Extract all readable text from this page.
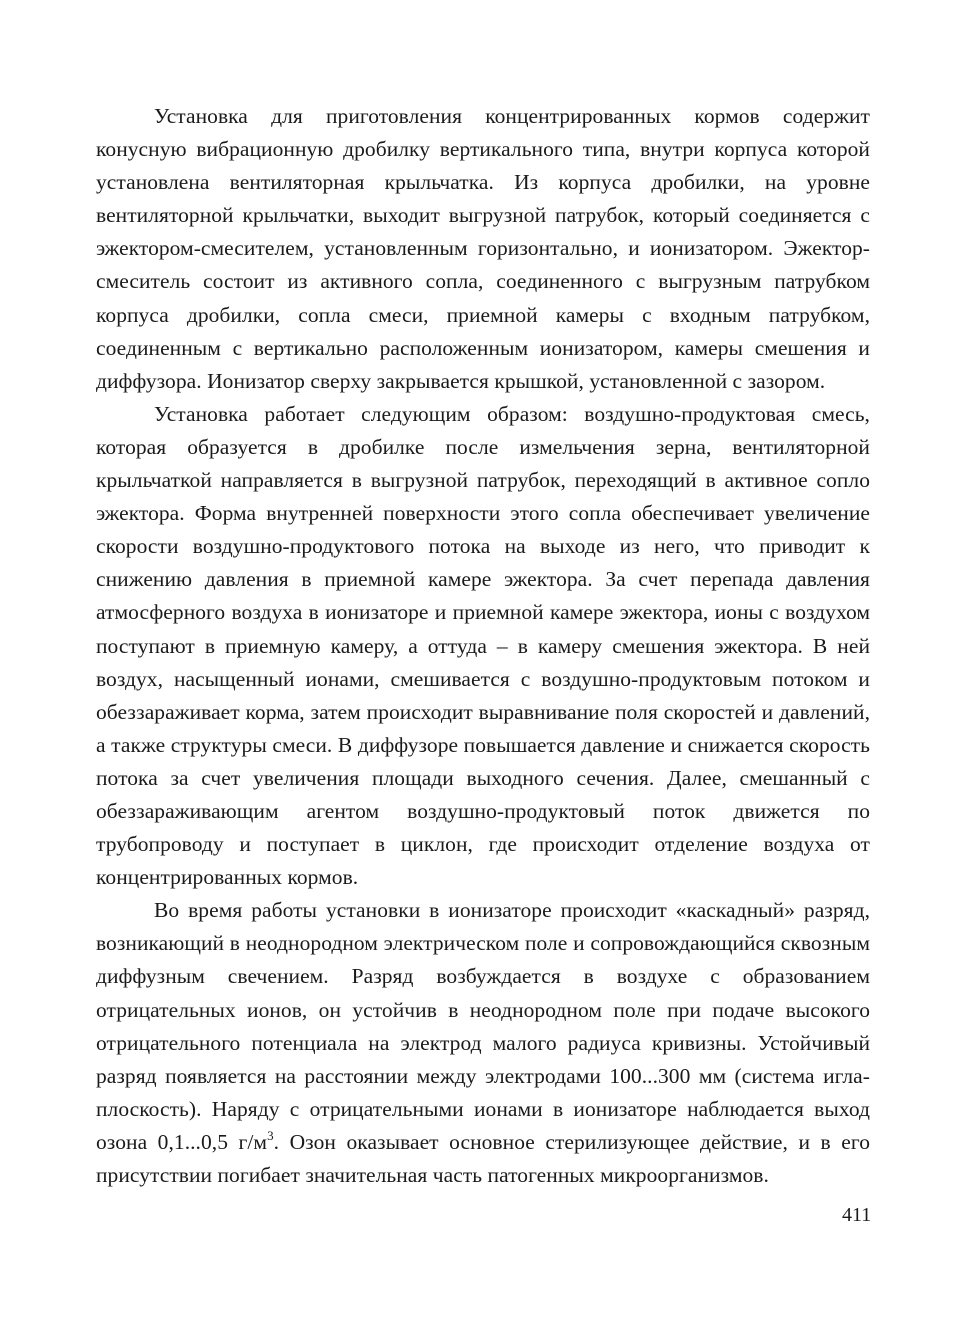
Установка для приготовления концентрированных кормов содержит конусную вибрационную дробилку вертикального типа, внутри корпуса которой установлена вентиляторная крыльчатка. Из корпуса дробилки, на уровне вентиляторной крыльчатки, выходит выгрузной патрубок, который соединяется с эжектором-смесителем, установленным горизонтально, и ионизатором. Эжектор-смеситель состоит из активного сопла, соединенного с выгрузным патрубком корпуса дробилки, сопла смеси, приемной камеры с входным патрубком, соединенным с вертикально расположенным ионизатором, камеры смешения и диффузора. Ионизатор сверху закрывается крышкой, установленной с зазором.

Установка работает следующим образом: воздушно-продуктовая смесь, которая образуется в дробилке после измельчения зерна, вентиляторной крыльчаткой направляется в выгрузной патрубок, переходящий в активное сопло эжектора. Форма внутренней поверхности этого сопла обеспечивает увеличение скорости воздушно-продуктового потока на выходе из него, что приводит к снижению давления в приемной камере эжектора. За счет перепада давления атмосферного воздуха в ионизаторе и приемной камере эжектора, ионы с воздухом поступают в приемную камеру, а оттуда – в камеру смешения эжектора. В ней воздух, насыщенный ионами, смешивается с воздушно-продуктовым потоком и обеззараживает корма, затем происходит выравнивание поля скоростей и давлений, а также структуры смеси. В диффузоре повышается давление и снижается скорость потока за счет увеличения площади выходного сечения. Далее, смешанный с обеззараживающим агентом воздушно-продуктовый поток движется по трубопроводу и поступает в циклон, где происходит отделение воздуха от концентрированных кормов.

Во время работы установки в ионизаторе происходит «каскадный» разряд, возникающий в неоднородном электрическом поле и сопровождающийся сквозным диффузным свечением. Разряд возбуждается в воздухе с образованием отрицательных ионов, он устойчив в неоднородном поле при подаче высокого отрицательного потенциала на электрод малого радиуса кривизны. Устойчивый разряд появляется на расстоянии между электродами 100...300 мм (система игла-плоскость). Наряду с отрицательными ионами в ионизаторе наблюдается выход озона 0,1...0,5 $г/м^3$. Озон оказывает основное стерилизующее действие, и в его присутствии погибает значительная часть патогенных микроорганизмов.

411
